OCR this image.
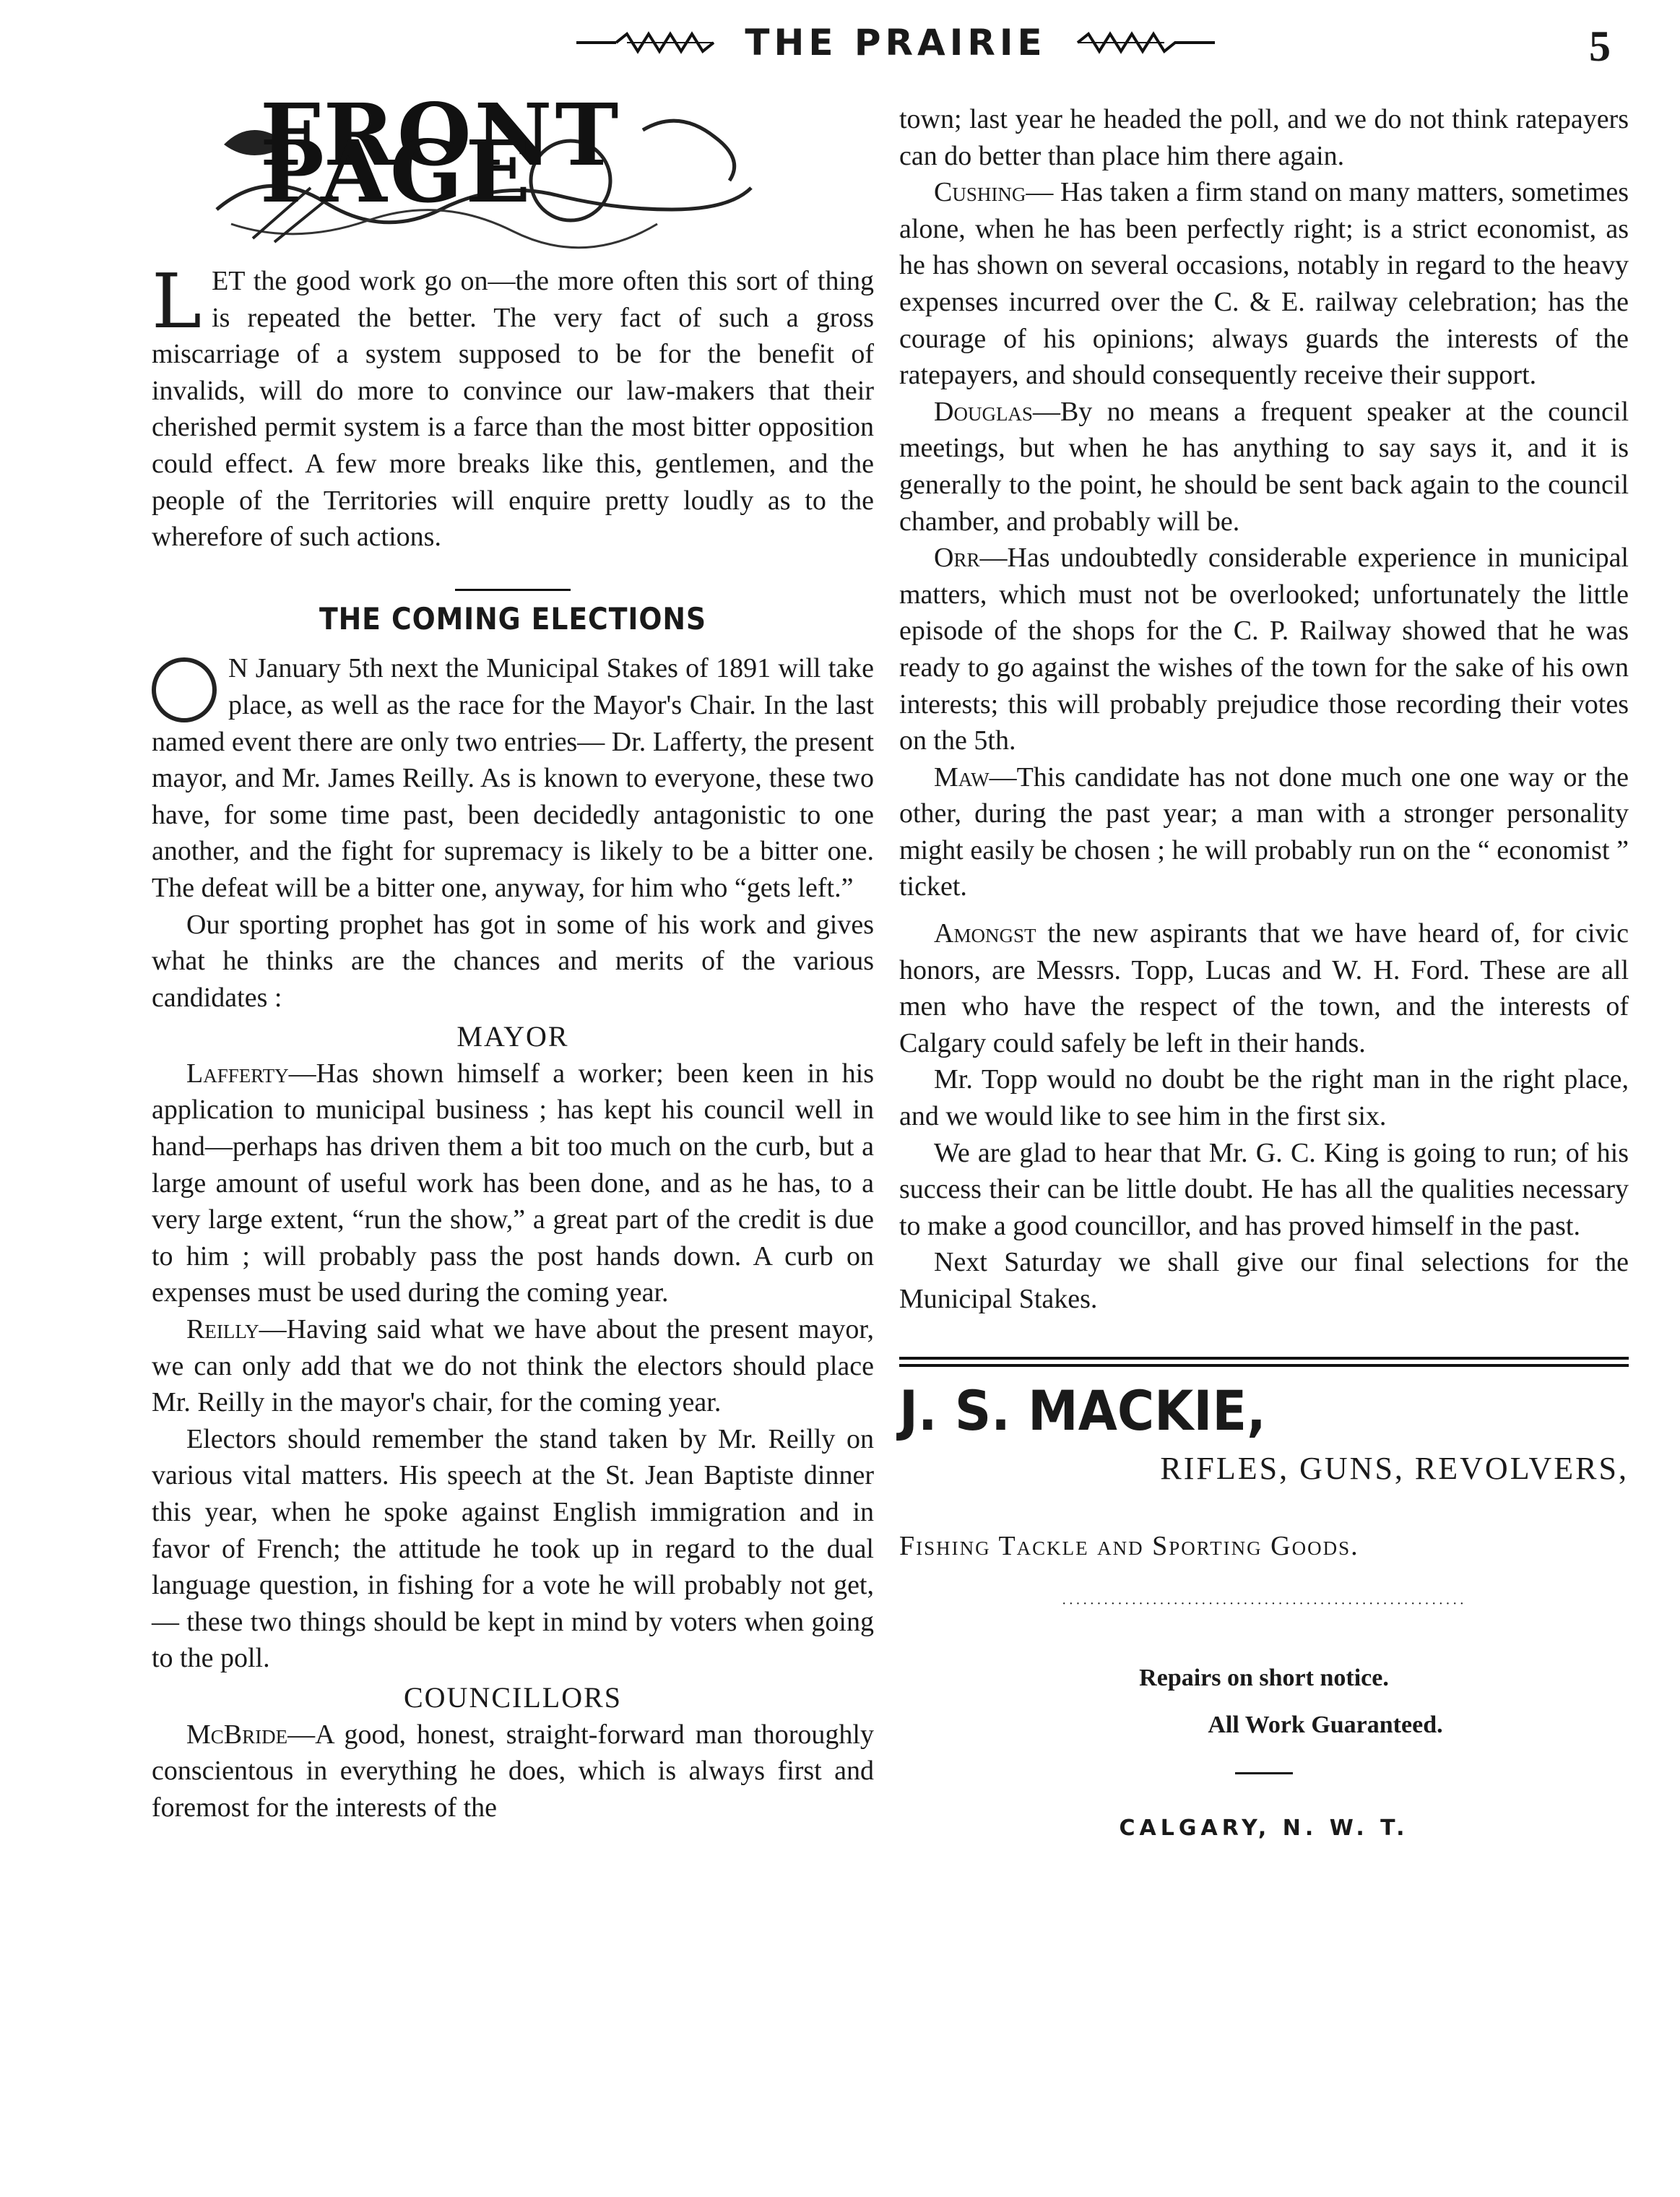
THE PRAIRIE	5
FRONT PAGE

LET the good work go on—the more often this sort of thing is repeated the better. The very fact of such a gross miscarriage of a system supposed to be for the benefit of invalids, will do more to convince our law-makers that their cherished permit system is a farce than the most bitter opposition could effect. A few more breaks like this, gentlemen, and the people of the Territories will enquire pretty loudly as to the wherefore of such actions.

THE COMING ELECTIONS

N January 5th next the Municipal Stakes of 1891 will take place, as well as the race for the Mayor's Chair. In the last named event there are only two entries— Dr. Lafferty, the present mayor, and Mr. James Reilly. As is known to everyone, these two have, for some time past, been decidedly antagonistic to one another, and the fight for supremacy is likely to be a bitter one. The defeat will be a bitter one, anyway, for him who “gets left.”

Our sporting prophet has got in some of his work and gives what he thinks are the chances and merits of the various candidates :

MAYOR

Lafferty—Has shown himself a worker; been keen in his application to municipal business ; has kept his council well in hand—perhaps has driven them a bit too much on the curb, but a large amount of useful work has been done, and as he has, to a very large extent, “run the show,” a great part of the credit is due to him ; will probably pass the post hands down. A curb on expenses must be used during the coming year.

Reilly—Having said what we have about the present mayor, we can only add that we do not think the electors should place Mr. Reilly in the mayor's chair, for the coming year.

Electors should remember the stand taken by Mr. Reilly on various vital matters. His speech at the St. Jean Baptiste dinner this year, when he spoke against English immigration and in favor of French; the attitude he took up in regard to the dual language question, in fishing for a vote he will probably not get,— these two things should be kept in mind by voters when going to the poll.

COUNCILLORS

McBride—A good, honest, straight-forward man thoroughly conscientous in everything he does, which is always first and foremost for the interests of the

town; last year he headed the poll, and we do not think ratepayers can do better than place him there again.

Cushing— Has taken a firm stand on many matters, sometimes alone, when he has been perfectly right; is a strict economist, as he has shown on several occasions, notably in regard to the heavy expenses incurred over the C. & E. railway celebration; has the courage of his opinions; always guards the interests of the ratepayers, and should consequently receive their support.

Douglas—By no means a frequent speaker at the council meetings, but when he has anything to say says it, and it is generally to the point, he should be sent back again to the council chamber, and probably will be.

Orr—Has undoubtedly considerable experience in municipal matters, which must not be overlooked; unfortunately the little episode of the shops for the C. P. Railway showed that he was ready to go against the wishes of the town for the sake of his own interests; this will probably prejudice those recording their votes on the 5th.

Maw—This candidate has not done much one one way or the other, during the past year; a man with a stronger personality might easily be chosen ; he will probably run on the “ economist ” ticket.

Amongst the new aspirants that we have heard of, for civic honors, are Messrs. Topp, Lucas and W. H. Ford. These are all men who have the respect of the town, and the interests of Calgary could safely be left in their hands.

Mr. Topp would no doubt be the right man in the right place, and we would like to see him in the first six.

We are glad to hear that Mr. G. C. King is going to run; of his success their can be little doubt. He has all the qualities necessary to make a good councillor, and has proved himself in the past.

Next Saturday we shall give our final selections for the Municipal Stakes.

J. S. MACKIE,
RIFLES, GUNS, REVOLVERS,
Fishing Tackle and Sporting Goods.
··························································
Repairs on short notice.
All Work Guaranteed.
CALGARY, N. W. T.
